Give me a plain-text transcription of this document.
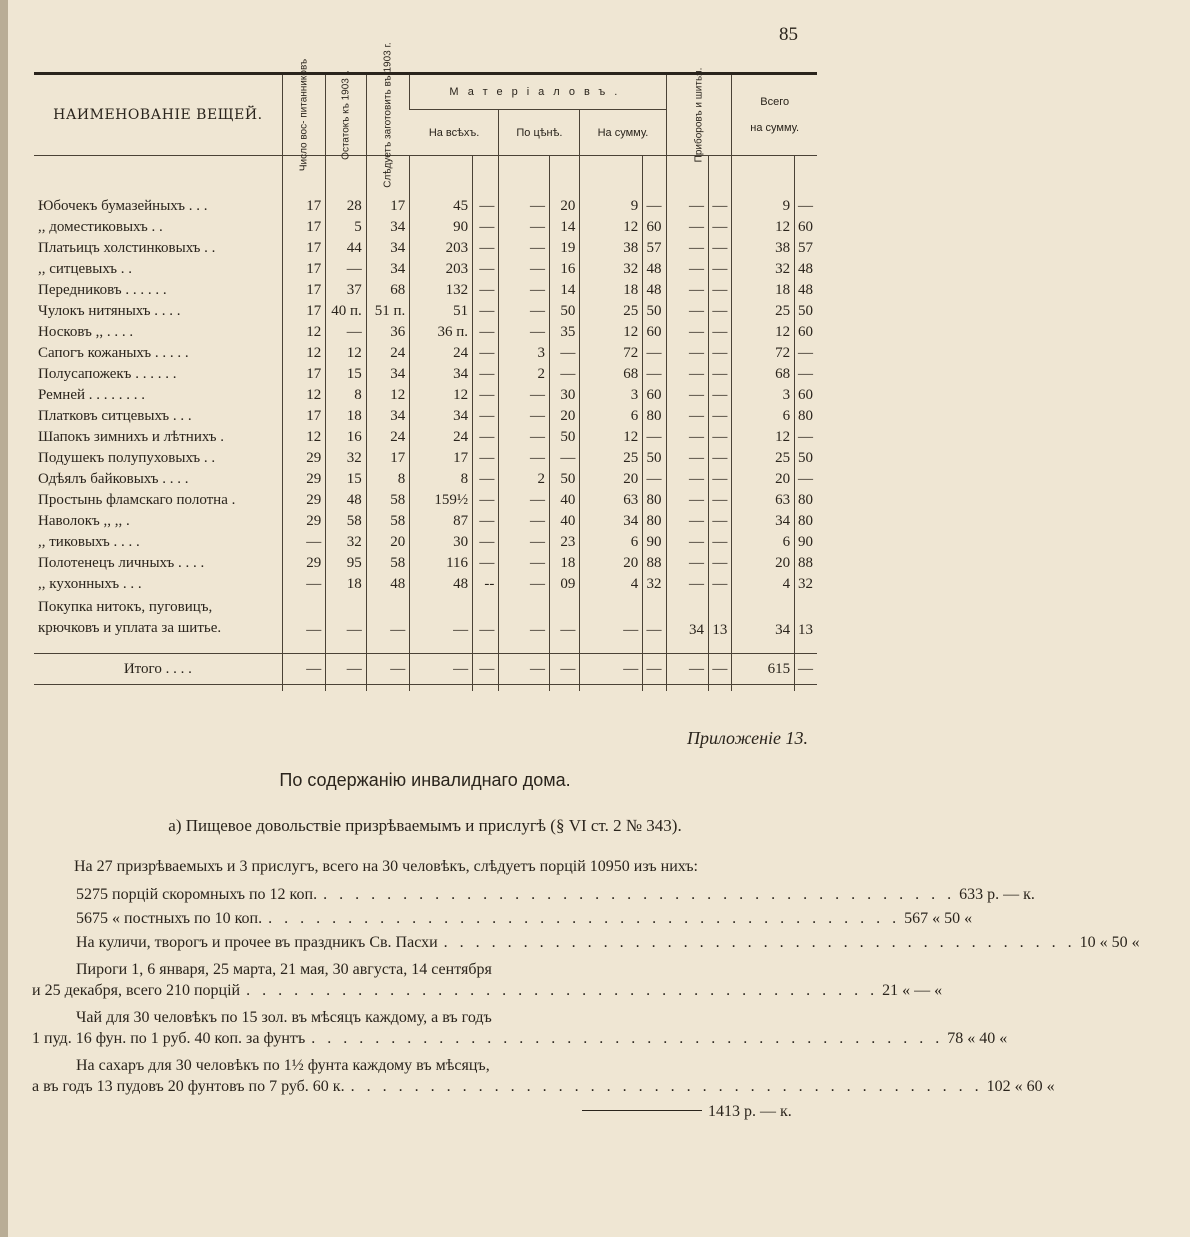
85
НАИМЕНОВАНІЕ ВЕЩЕЙ.	Число вос- питанниковъ	Остатокъ къ 1903 г.	Слѣдуетъ заготовить въ 1903 г.	Матеріаловъ.						Приборовъ и шитья.		Всего
на сумму.	

				На всѣхъ.		По цѣнѣ.		На сумму.					

Юбочекъ бумазейныхъ . . .	17	28	17	45	—	—	20	9	—	—	—	9	—
,, доместиковыхъ . .	17	5	34	90	—	—	14	12	60	—	—	12	60
Платьицъ холстинковыхъ . .	17	44	34	203	—	—	19	38	57	—	—	38	57
,, ситцевыхъ . .	17	—	34	203	—	—	16	32	48	—	—	32	48
Передниковъ . . . . . .	17	37	68	132	—	—	14	18	48	—	—	18	48
Чулокъ нитяныхъ . . . .	17	40 п.	51 п.	51	—	—	50	25	50	—	—	25	50
Носковъ ,, . . . .	12	—	36	36 п.	—	—	35	12	60	—	—	12	60
Сапогъ кожаныхъ . . . . .	12	12	24	24	—	3	—	72	—	—	—	72	—
Полусапожекъ . . . . . .	17	15	34	34	—	2	—	68	—	—	—	68	—
Ремней . . . . . . . .	12	8	12	12	—	—	30	3	60	—	—	3	60
Платковъ ситцевыхъ . . .	17	18	34	34	—	—	20	6	80	—	—	6	80
Шапокъ зимнихъ и лѣтнихъ .	12	16	24	24	—	—	50	12	—	—	—	12	—
Подушекъ полупуховыхъ . .	29	32	17	17	—	—	—	25	50	—	—	25	50
Одѣялъ байковыхъ . . . .	29	15	8	8	—	2	50	20	—	—	—	20	—
Простынь фламскаго полотна .	29	48	58	159½	—	—	40	63	80	—	—	63	80
Наволокъ ,, ,, .	29	58	58	87	—	—	40	34	80	—	—	34	80
,, тиковыхъ . . . .	—	32	20	30	—	—	23	6	90	—	—	6	90
Полотенецъ личныхъ . . . .	29	95	58	116	—	—	18	20	88	—	—	20	88
,, кухонныхъ . . .	—	18	48	48	--	—	09	4	32	—	—	4	32

Покупка нитокъ, пуговицъ,
крючковъ и уплата за шитье.	—	—	—	—	—	—	—	—	—	34	13	34	13

Итого . . . .	—	—	—	—	—	—	—	—	—	—	—	615	—

Приложеніе 13.
По содержанію инвалиднаго дома.
а) Пищевое довольствіе призрѣваемымъ и прислугѣ (§ VI ст. 2 № 343).
На 27 призрѣваемыхъ и 3 прислугъ, всего на 30 человѣкъ, слѣдуетъ порцій 10950 изъ нихъ:
5275 порцій скоромныхъ по 12 коп. . . . . . . . . . . . . . . . . . . . . . . . . . . . . . . . . . . . . . . . . 633 р. — к.
5675 « постныхъ по 10 коп. . . . . . . . . . . . . . . . . . . . . . . . . . . . . . . . . . . . . . . . . 567 « 50 «
На куличи, творогъ и прочее въ праздникъ Св. Пасхи . . . . . . . . . . . . . . . . . . . . . . . . . . . . . . . . . . . . . . . . 10 « 50 «
Пироги 1, 6 января, 25 марта, 21 мая, 30 августа, 14 сентября
и 25 декабря, всего 210 порцій . . . . . . . . . . . . . . . . . . . . . . . . . . . . . . . . . . . . . . . . 21 « — «
Чай для 30 человѣкъ по 15 зол. въ мѣсяцъ каждому, а въ годъ
1 пуд. 16 фун. по 1 руб. 40 коп. за фунтъ . . . . . . . . . . . . . . . . . . . . . . . . . . . . . . . . . . . . . . . . 78 « 40 «
На сахаръ для 30 человѣкъ по 1½ фунта каждому въ мѣсяцъ,
а въ годъ 13 пудовъ 20 фунтовъ по 7 руб. 60 к. . . . . . . . . . . . . . . . . . . . . . . . . . . . . . . . . . . . . . . . . 102 « 60 «
1413 р. — к.
